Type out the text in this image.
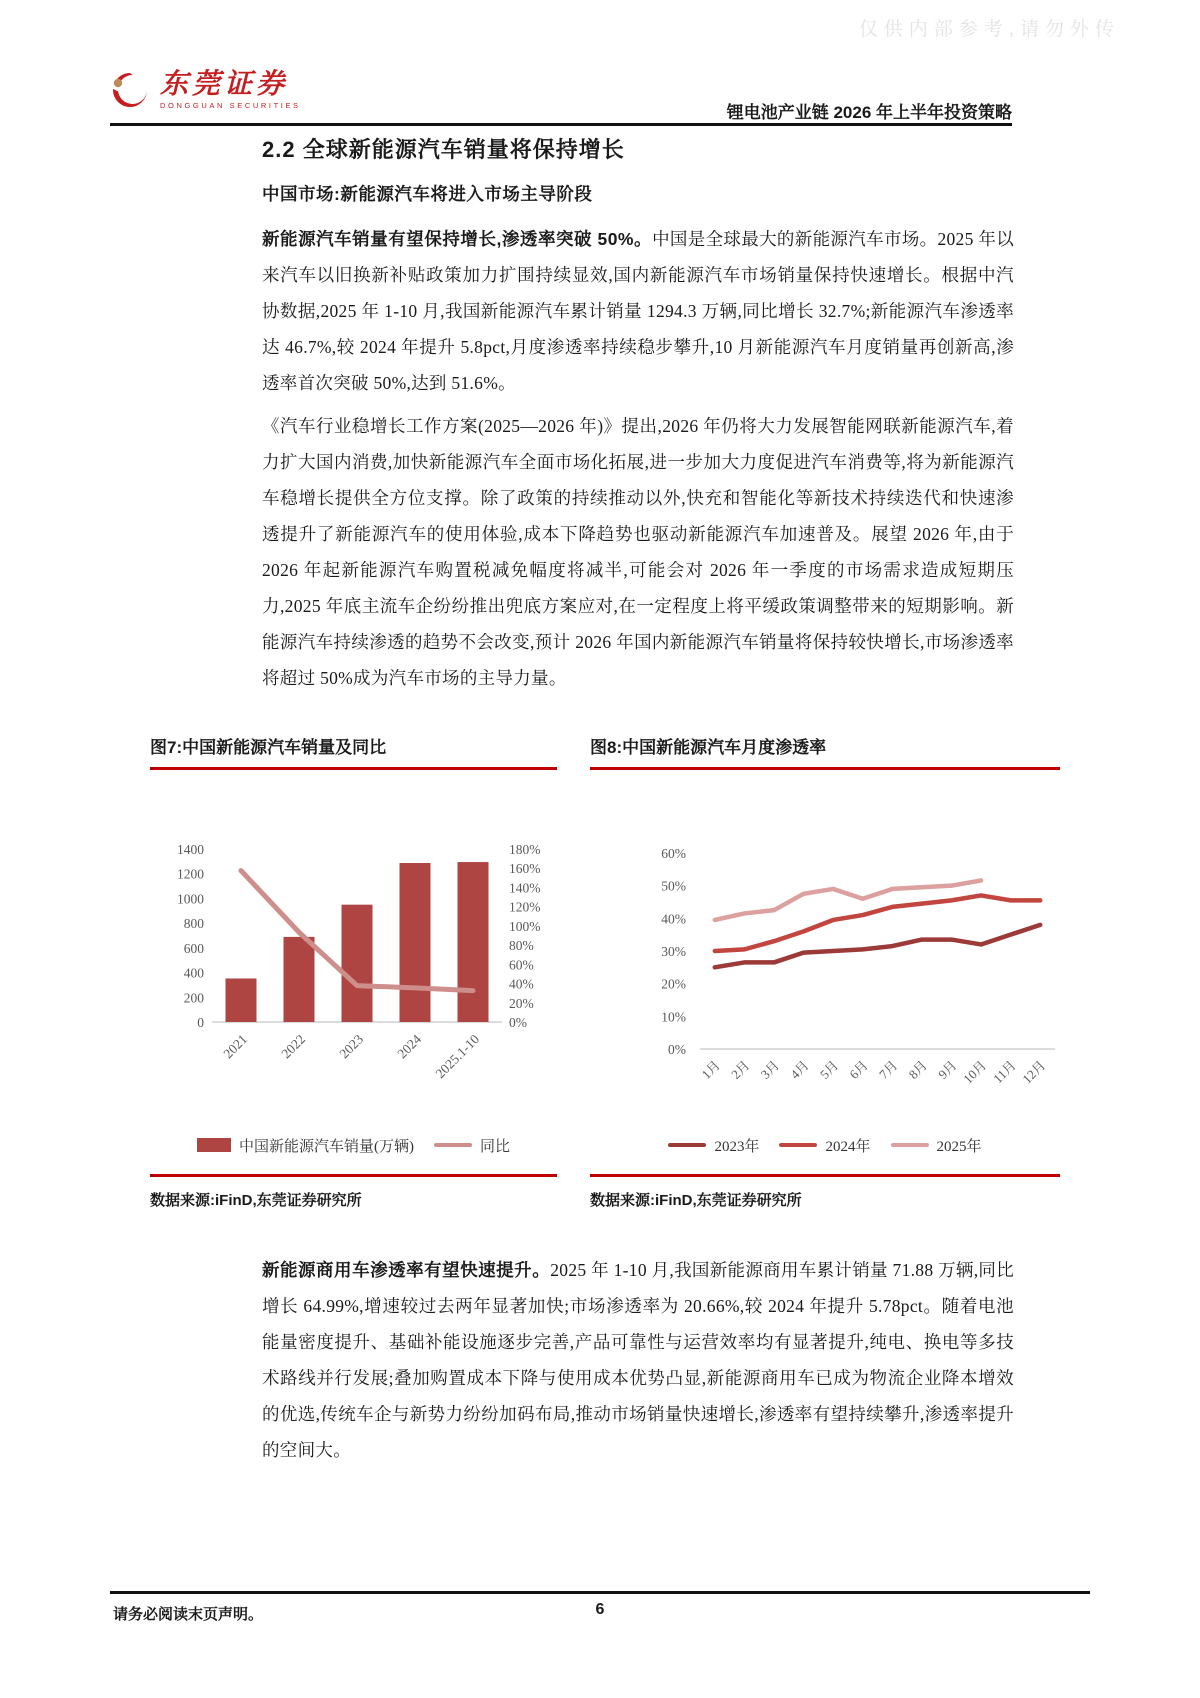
仅供内部参考,请勿外传
东莞证券
DONGGUAN SECURITIES	锂电池产业链 2026 年上半年投资策略
2.2 全球新能源汽车销量将保持增长
中国市场:新能源汽车将进入市场主导阶段

新能源汽车销量有望保持增长,渗透率突破 50%。中国是全球最大的新能源汽车市场。2025 年以来汽车以旧换新补贴政策加力扩围持续显效,国内新能源汽车市场销量保持快速增长。根据中汽协数据,2025 年 1-10 月,我国新能源汽车累计销量 1294.3 万辆,同比增长 32.7%;新能源汽车渗透率达 46.7%,较 2024 年提升 5.8pct,月度渗透率持续稳步攀升,10 月新能源汽车月度销量再创新高,渗透率首次突破 50%,达到 51.6%。

《汽车行业稳增长工作方案(2025—2026 年)》提出,2026 年仍将大力发展智能网联新能源汽车,着力扩大国内消费,加快新能源汽车全面市场化拓展,进一步加大力度促进汽车消费等,将为新能源汽车稳增长提供全方位支撑。除了政策的持续推动以外,快充和智能化等新技术持续迭代和快速渗透提升了新能源汽车的使用体验,成本下降趋势也驱动新能源汽车加速普及。展望 2026 年,由于 2026 年起新能源汽车购置税减免幅度将减半,可能会对 2026 年一季度的市场需求造成短期压力,2025 年底主流车企纷纷推出兜底方案应对,在一定程度上将平缓政策调整带来的短期影响。新能源汽车持续渗透的趋势不会改变,预计 2026 年国内新能源汽车销量将保持较快增长,市场渗透率将超过 50%成为汽车市场的主导力量。

图7:中国新能源汽车销量及同比
0
200
400
600
800
1000
1200
1400
0%
20%
40%
60%
80%
100%
120%
140%
160%
180%
2021 2022 2023 2024 2025.1-10
中国新能源汽车销量(万辆)	同比
数据来源:iFinD,东莞证券研究所
图8:中国新能源汽车月度渗透率
0%
10%
20%
30%
40%
50%
60%
1月 2月 3月 4月 5月 6月 7月 8月 9月 10月 11月 12月
2023年	2024年	2025年
数据来源:iFinD,东莞证券研究所

新能源商用车渗透率有望快速提升。2025 年 1-10 月,我国新能源商用车累计销量 71.88 万辆,同比增长 64.99%,增速较过去两年显著加快;市场渗透率为 20.66%,较 2024 年提升 5.78pct。随着电池能量密度提升、基础补能设施逐步完善,产品可靠性与运营效率均有显著提升,纯电、换电等多技术路线并行发展;叠加购置成本下降与使用成本优势凸显,新能源商用车已成为物流企业降本增效的优选,传统车企与新势力纷纷加码布局,推动市场销量快速增长,渗透率有望持续攀升,渗透率提升的空间大。

请务必阅读末页声明。	6
